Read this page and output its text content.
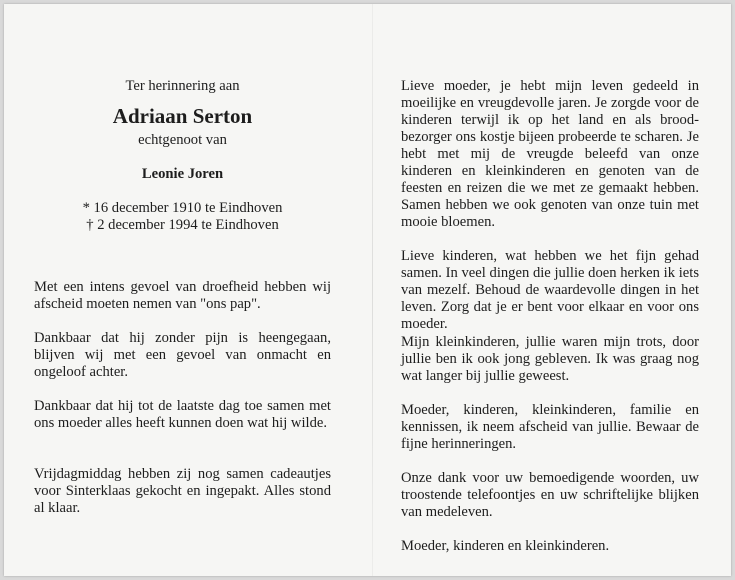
Ter herinnering aan
Adriaan Serton
echtgenoot van
Leonie Joren
* 16 december 1910 te Eindhoven
† 2 december 1994 te Eindhoven

Met een intens gevoel van droefheid hebben wij afscheid moeten nemen van "ons pap".

Dankbaar dat hij zonder pijn is heengegaan, blijven wij met een gevoel van onmacht en ongeloof achter.

Dankbaar dat hij tot de laatste dag toe samen met ons moeder alles heeft kunnen doen wat hij wilde.

Vrijdagmiddag hebben zij nog samen cadeautjes voor Sinterklaas gekocht en ingepakt. Alles stond al klaar.

Lieve moeder, je hebt mijn leven gedeeld in moeilijke en vreugdevolle jaren. Je zorgde voor de kinderen terwijl ik op het land en als brood-bezorger ons kostje bijeen probeerde te scharen. Je hebt met mij de vreugde beleefd van onze kinderen en kleinkinderen en genoten van de feesten en reizen die we met ze gemaakt hebben. Samen hebben we ook genoten van onze tuin met mooie bloemen.

Lieve kinderen, wat hebben we het fijn gehad samen. In veel dingen die jullie doen herken ik iets van mezelf. Behoud de waardevolle dingen in het leven. Zorg dat je er bent voor elkaar en voor ons moeder.

Mijn kleinkinderen, jullie waren mijn trots, door jullie ben ik ook jong gebleven. Ik was graag nog wat langer bij jullie geweest.

Moeder, kinderen, kleinkinderen, familie en kennissen, ik neem afscheid van jullie. Bewaar de fijne herinneringen.

Onze dank voor uw bemoedigende woorden, uw troostende telefoontjes en uw schriftelijke blijken van medeleven.

Moeder, kinderen en kleinkinderen.
